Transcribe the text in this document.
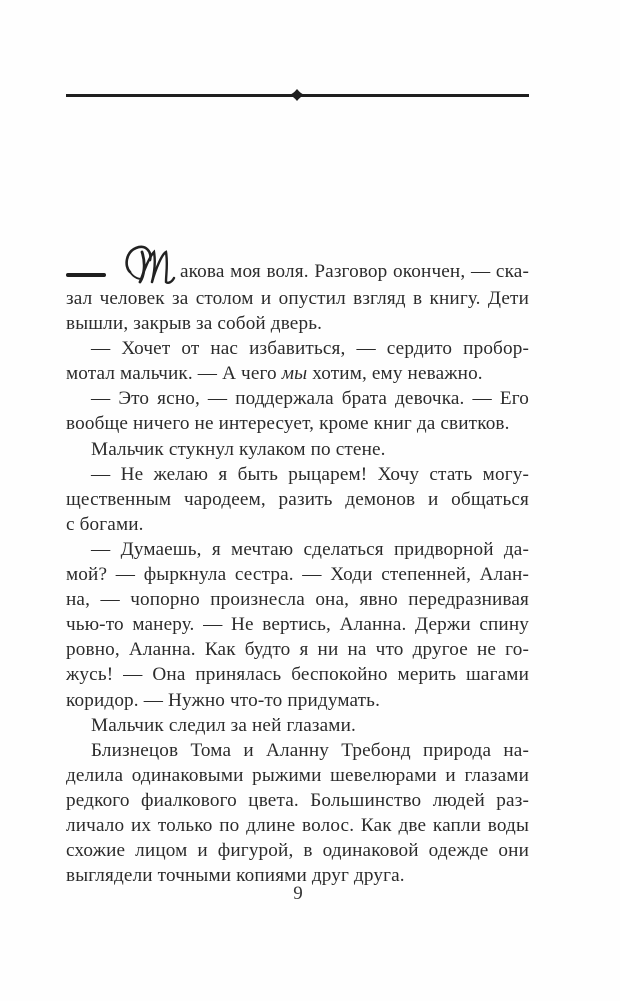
акова моя воля. Разговор окончен, — ска-
зал человек за столом и опустил взгляд в книгу. Дети
вышли, закрыв за собой дверь.
— Хочет от нас избавиться, — сердито пробор-
мотал мальчик. — А чего мы хотим, ему неважно.
— Это ясно, — поддержала брата девочка. — Его
вообще ничего не интересует, кроме книг да свитков.
Мальчик стукнул кулаком по стене.
— Не желаю я быть рыцарем! Хочу стать могу-
щественным чародеем, разить демонов и общаться
с богами.
— Думаешь, я мечтаю сделаться придворной да-
мой? — фыркнула сестра. — Ходи степенней, Алан-
на, — чопорно произнесла она, явно передразнивая
чью-то манеру. — Не вертись, Аланна. Держи спину
ровно, Аланна. Как будто я ни на что другое не го-
жусь! — Она принялась беспокойно мерить шагами
коридор. — Нужно что-то придумать.
Мальчик следил за ней глазами.
Близнецов Тома и Аланну Требонд природа на-
делила одинаковыми рыжими шевелюрами и глазами
редкого фиалкового цвета. Большинство людей раз-
личало их только по длине волос. Как две капли воды
схожие лицом и фигурой, в одинаковой одежде они
выглядели точными копиями друг друга.
9
